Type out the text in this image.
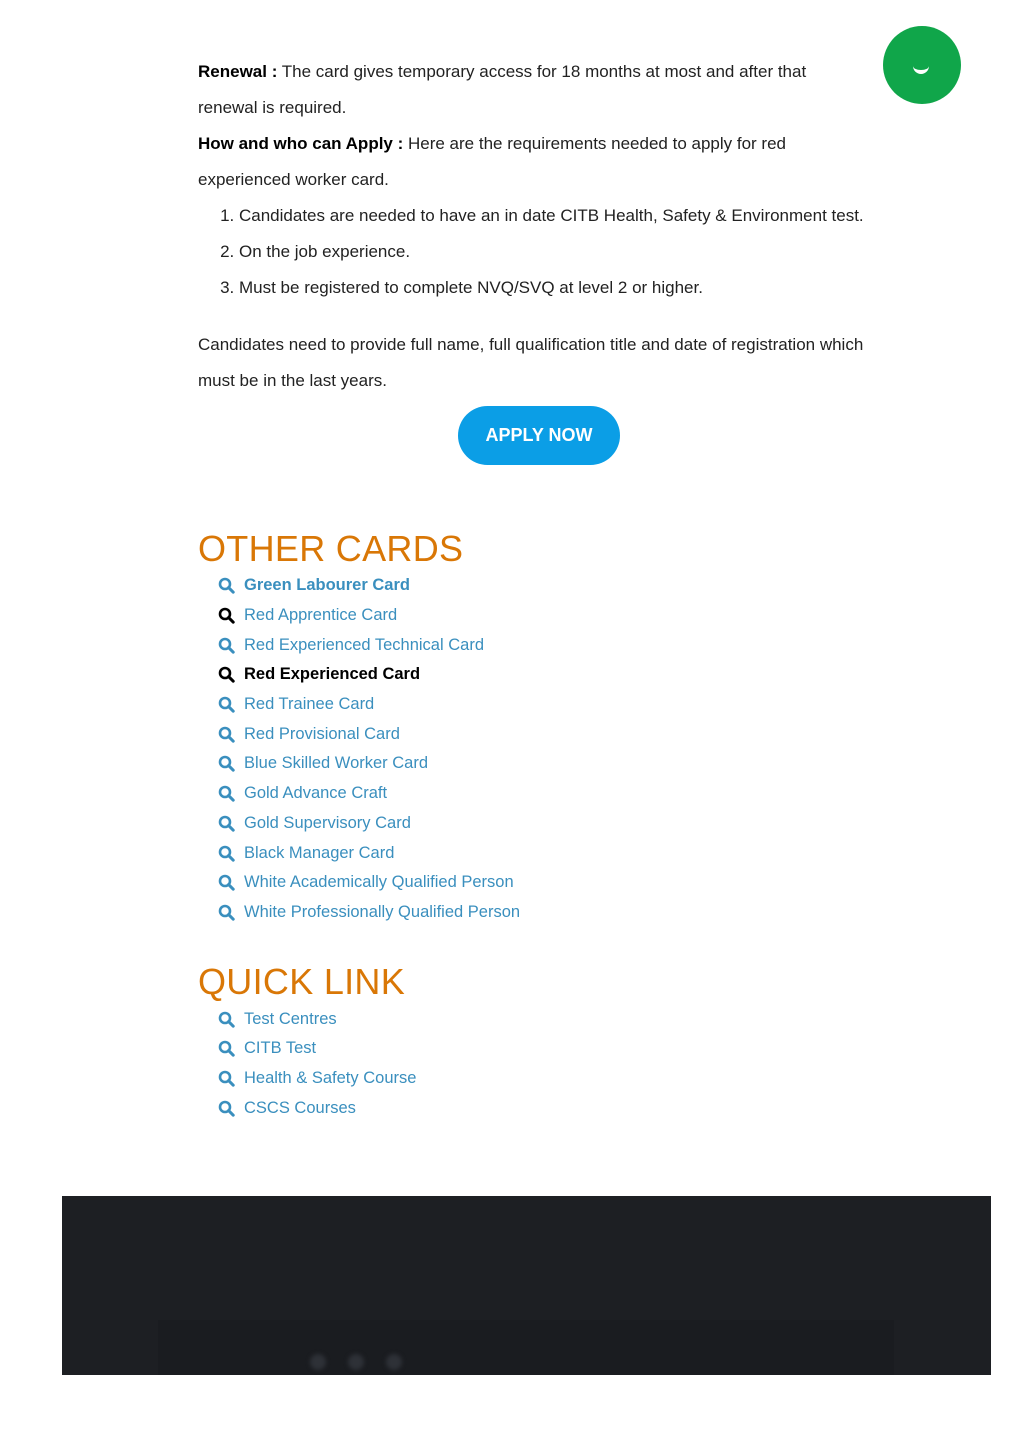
Renewal : The card gives temporary access for 18 months at most and after that renewal is required.

How and who can Apply : Here are the requirements needed to apply for red experienced worker card.

1. Candidates are needed to have an in date CITB Health, Safety & Environment test.
2. On the job experience.
3. Must be registered to complete NVQ/SVQ at level 2 or higher.

Candidates need to provide full name, full qualification title and date of registration which must be in the last years.

APPLY NOW
OTHER CARDS
Green Labourer Card
Red Apprentice Card
Red Experienced Technical Card
Red Experienced Card
Red Trainee Card
Red Provisional Card
Blue Skilled Worker Card
Gold Advance Craft
Gold Supervisory Card
Black Manager Card
White Academically Qualified Person
White Professionally Qualified Person
QUICK LINK
Test Centres
CITB Test
Health & Safety Course
CSCS Courses
